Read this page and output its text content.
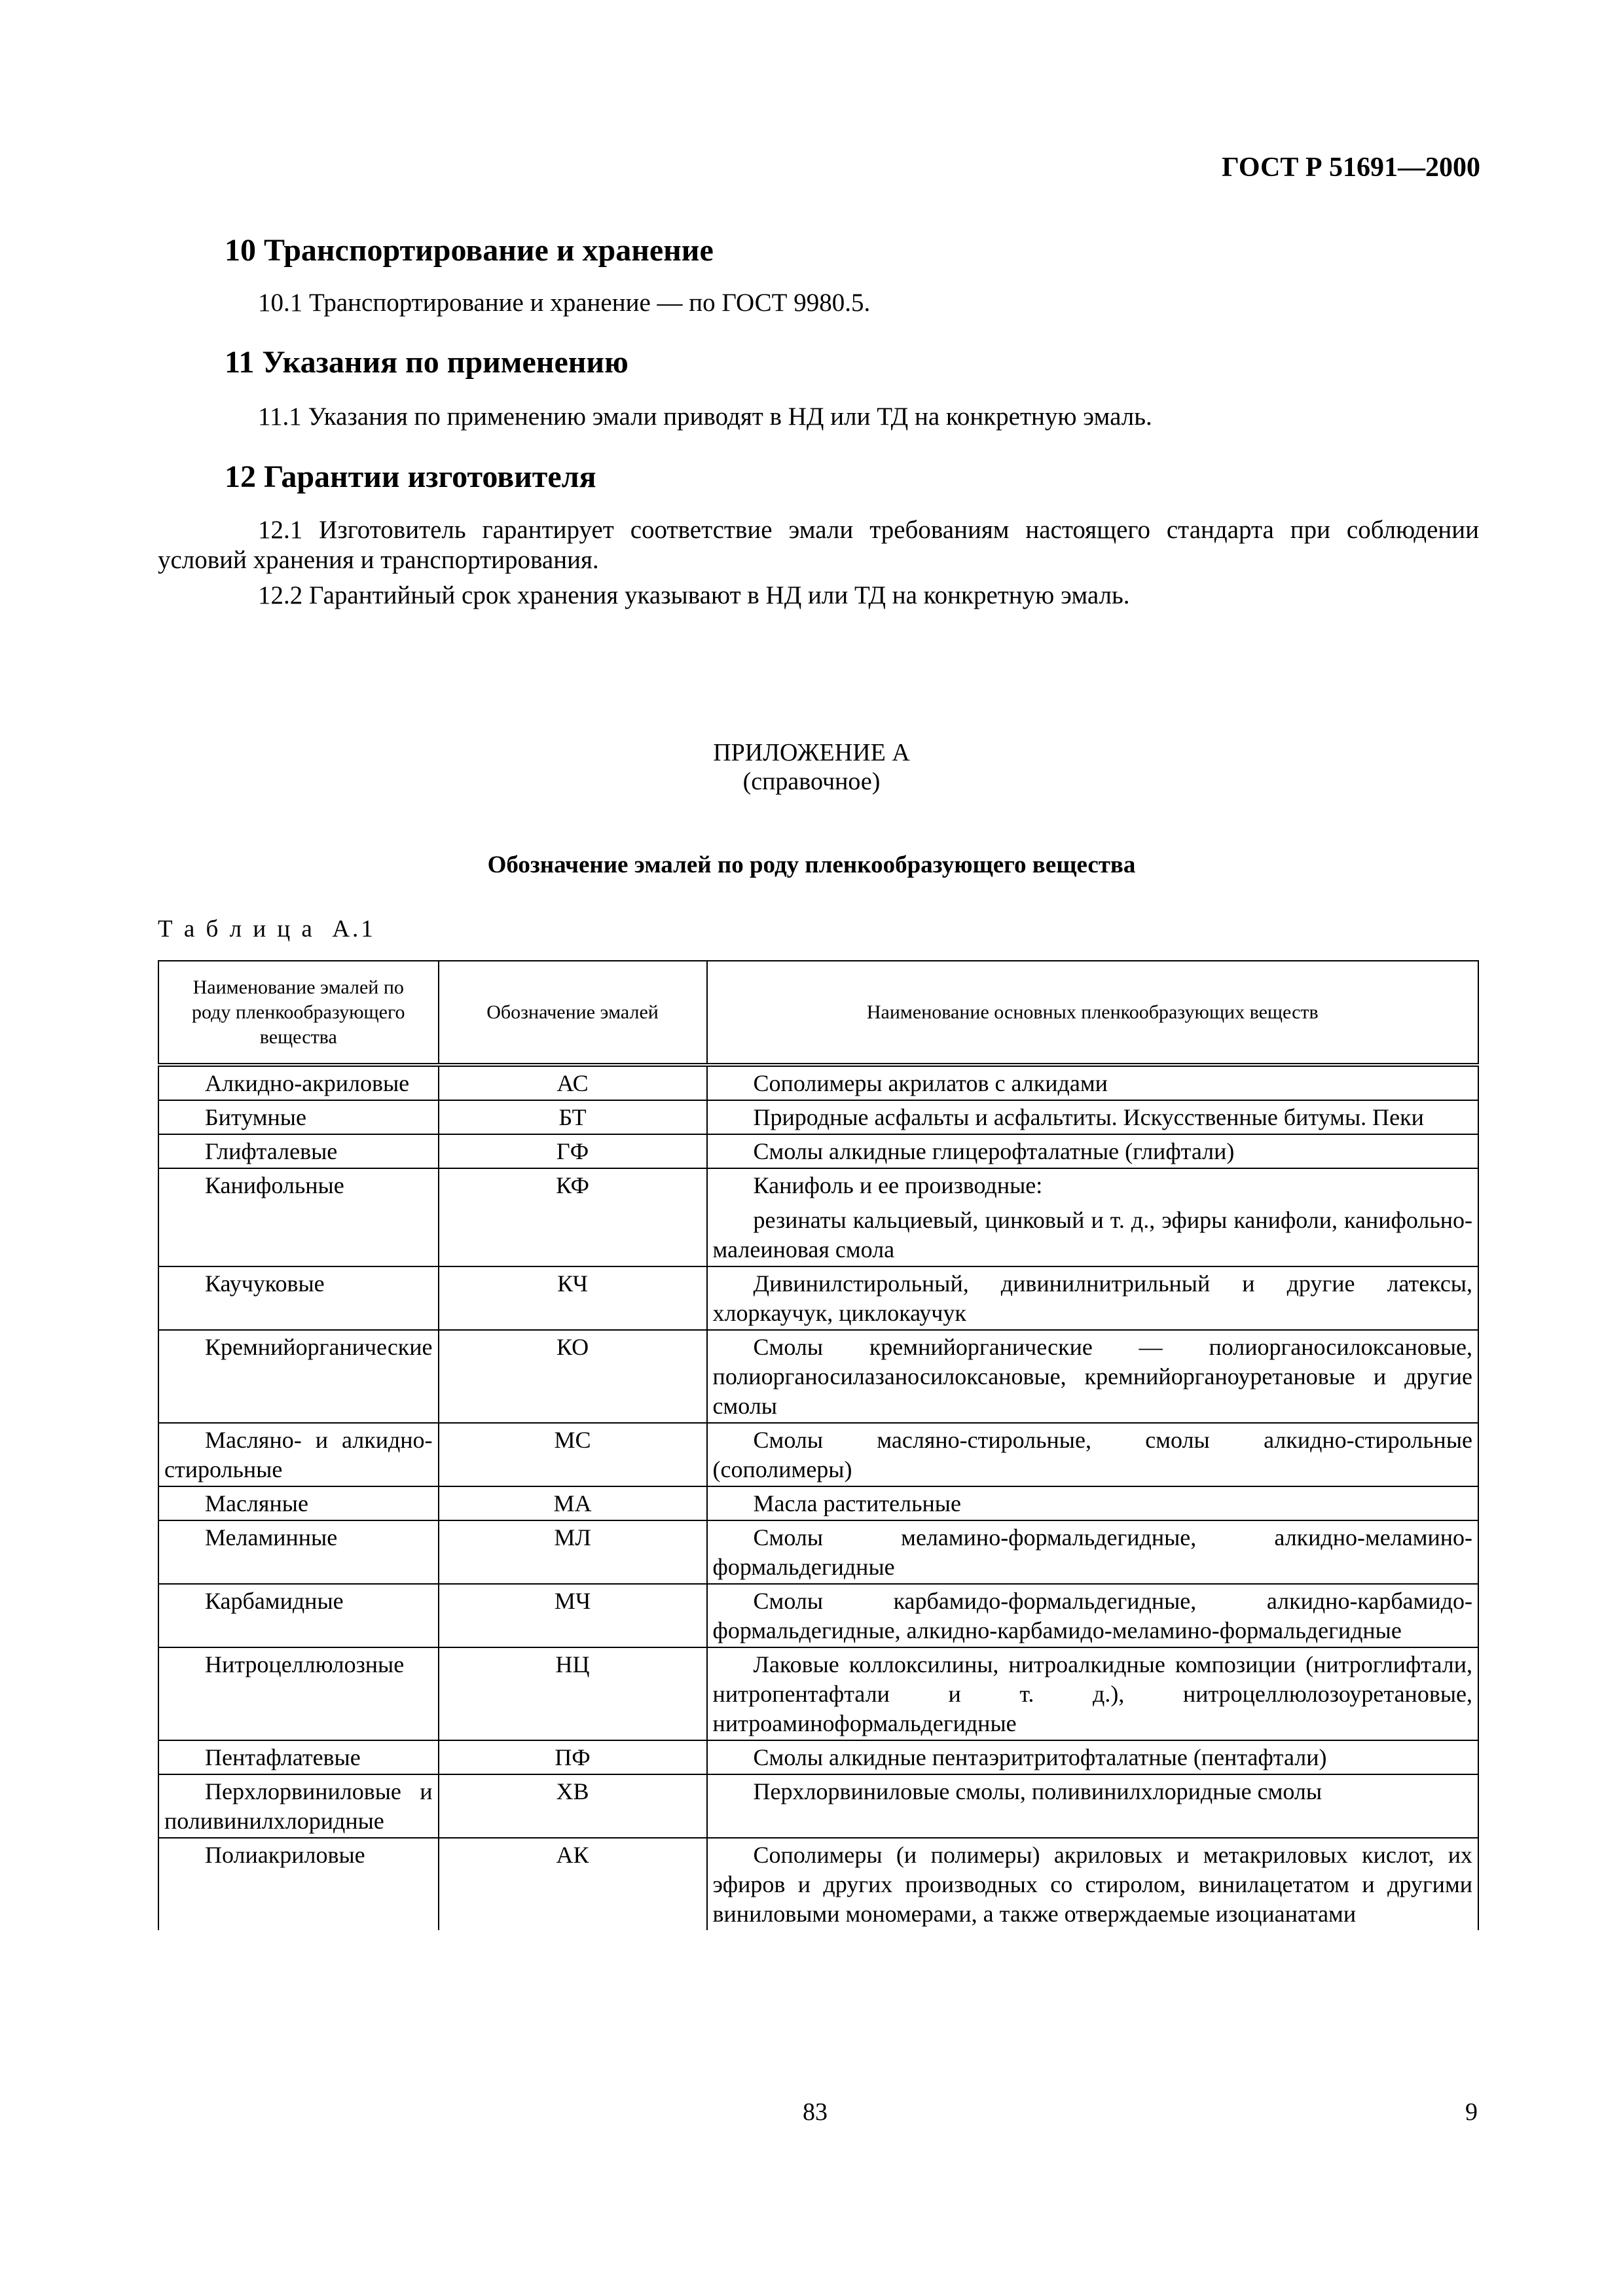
ГОСТ Р 51691—2000
10 Транспортирование и хранение
10.1 Транспортирование и хранение — по ГОСТ 9980.5.
11 Указания по применению
11.1 Указания по применению эмали приводят в НД или ТД на конкретную эмаль.
12 Гарантии изготовителя
12.1 Изготовитель гарантирует соответствие эмали требованиям настоящего стандарта при соблюдении условий хранения и транспортирования.
12.2 Гарантийный срок хранения указывают в НД или ТД на конкретную эмаль.
ПРИЛОЖЕНИЕ А
(справочное)
Обозначение эмалей по роду пленкообразующего вещества
Т а б л и ц а  А.1
Наименование эмалей по роду пленкообразующего вещества	Обозначение эмалей	Наименование основных пленкообразующих веществ
Алкидно-акриловые	АС	Сополимеры акрилатов с алкидами

Битумные	БТ	Природные асфальты и асфальтиты. Искусственные битумы. Пеки

Глифталевые	ГФ	Смолы алкидные глицерофталатные (глифтали)

Канифольные	КФ	Канифоль и ее производные:

резинаты кальциевый, цинковый и т. д., эфиры канифоли, канифольно-малеиновая смола

Каучуковые	КЧ	Дивинилстирольный, дивинилнитрильный и другие латексы, хлоркаучук, циклокаучук

Кремнийорганические	КО	Смолы кремнийорганические — полиорганосилоксановые, полиорганосилазаносилоксановые, кремнийорганоуретановые и другие смолы

Масляно- и алкидно-стирольные	МС	Смолы масляно-стирольные, смолы алкидно-стирольные (сополимеры)

Масляные	МА	Масла растительные

Меламинные	МЛ	Смолы меламино-формальдегидные, алкидно-меламино-формальдегидные

Карбамидные	МЧ	Смолы карбамидо-формальдегидные, алкидно-карбамидо-формальдегидные, алкидно-карбамидо-меламино-формальдегидные

Нитроцеллюлозные	НЦ	Лаковые коллоксилины, нитроалкидные композиции (нитроглифтали, нитропентафтали и т. д.), нитроцеллюлозоуретановые, нитроаминоформальдегидные

Пентафлатевые	ПФ	Смолы алкидные пентаэритритофталатные (пентафтали)

Перхлорвиниловые и поливинилхлоридные	ХВ	Перхлорвиниловые смолы, поливинилхлоридные смолы

Полиакриловые	АК	Сополимеры (и полимеры) акриловых и метакриловых кислот, их эфиров и других производных со стиролом, винилацетатом и другими виниловыми мономерами, а также отверждаемые изоцианатами

83	9
